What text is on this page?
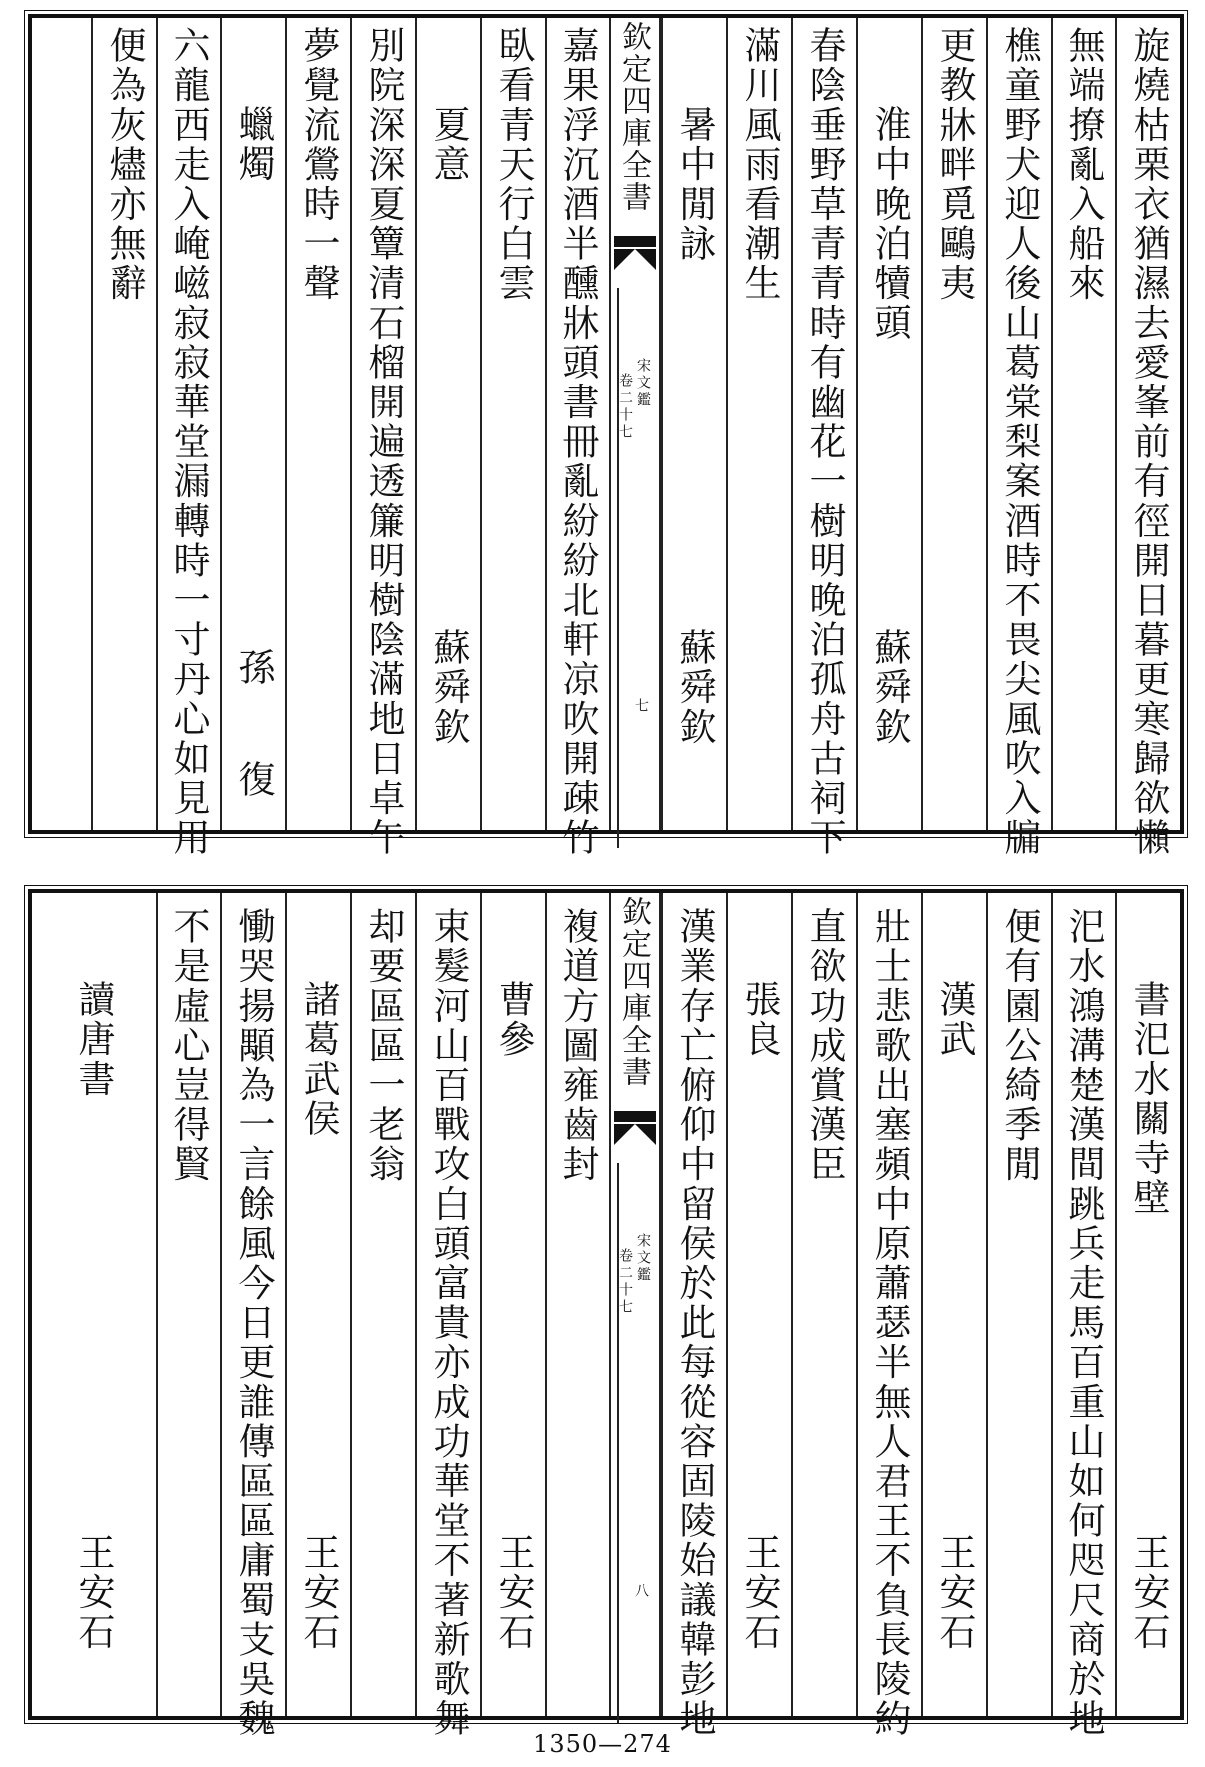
旋燒枯栗衣猶濕去愛峯前有徑開日暮更寒歸欲懶
無端撩亂入船來
樵童野犬迎人後山葛棠梨案酒時不畏尖風吹入牖
更教牀畔覓鷗夷
淮中晚泊犢頭
蘇舜欽
春陰垂野草青青時有幽花一樹明晚泊孤舟古祠下
滿川風雨看潮生
暑中閒詠
蘇舜欽
欽定四庫全書
宋文鑑
卷二十七
七
嘉果浮沉酒半醺牀頭書冊亂紛紛北軒凉吹開疎竹
臥看青天行白雲
夏意
蘇舜欽
別院深深夏簟清石榴開遍透簾明樹陰滿地日卓午
夢覺流鶯時一聲
蠟燭
孫 復
六龍西走入崦嵫寂寂華堂漏轉時一寸丹心如見用
便為灰燼亦無辭
書汜水關寺壁
王安石
汜水鴻溝楚漢間跳兵走馬百重山如何咫尺商於地
便有園公綺季閒
漢武
王安石
壯士悲歌出塞頻中原蕭瑟半無人君王不負長陵約
直欲功成賞漢臣
張良
王安石
漢業存亡俯仰中留侯於此每從容固陵始議韓彭地
欽定四庫全書
宋文鑑
卷二十七
八
複道方圖雍齒封
曹參
王安石
束髮河山百戰攻白頭富貴亦成功華堂不著新歌舞
却要區區一老翁
諸葛武侯
王安石
慟哭揚顒為一言餘風今日更誰傳區區庸蜀支吳魏
不是虛心豈得賢
讀唐書
王安石
1350—274
